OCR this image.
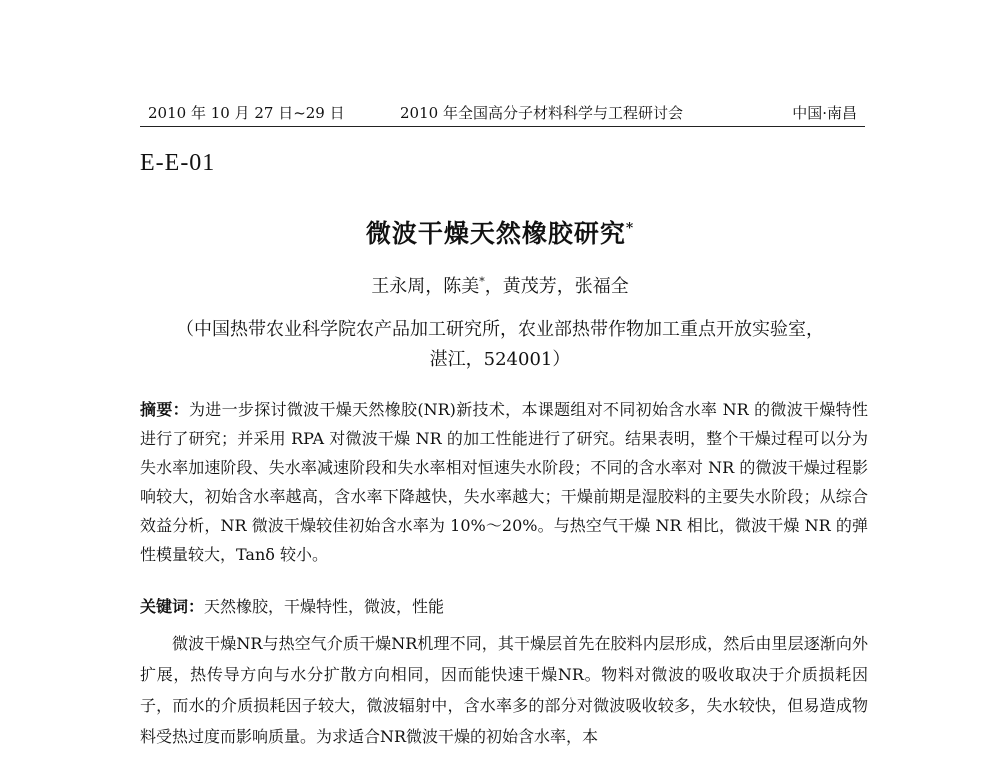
2010 年 10 月 27 日~29 日	2010 年全国高分子材料科学与工程研讨会	中国·南昌
E-E-01
微波干燥天然橡胶研究*
王永周，陈美*，黄茂芳，张福全
（中国热带农业科学院农产品加工研究所，农业部热带作物加工重点开放实验室，
湛江，524001）
摘要：为进一步探讨微波干燥天然橡胶(NR)新技术，本课题组对不同初始含水率 NR 的微波干燥特性进行了研究；并采用 RPA 对微波干燥 NR 的加工性能进行了研究。结果表明，整个干燥过程可以分为失水率加速阶段、失水率减速阶段和失水率相对恒速失水阶段；不同的含水率对 NR 的微波干燥过程影响较大，初始含水率越高，含水率下降越快，失水率越大；干燥前期是湿胶料的主要失水阶段；从综合效益分析，NR 微波干燥较佳初始含水率为 10%～20%。与热空气干燥 NR 相比，微波干燥 NR 的弹性模量较大，Tanδ 较小。
关键词：天然橡胶，干燥特性，微波，性能
微波干燥NR与热空气介质干燥NR机理不同，其干燥层首先在胶料内层形成，然后由里层逐渐向外扩展，热传导方向与水分扩散方向相同，因而能快速干燥NR。物料对微波的吸收取决于介质损耗因子，而水的介质损耗因子较大，微波辐射中，含水率多的部分对微波吸收较多，失水较快，但易造成物料受热过度而影响质量。为求适合NR微波干燥的初始含水率，本
